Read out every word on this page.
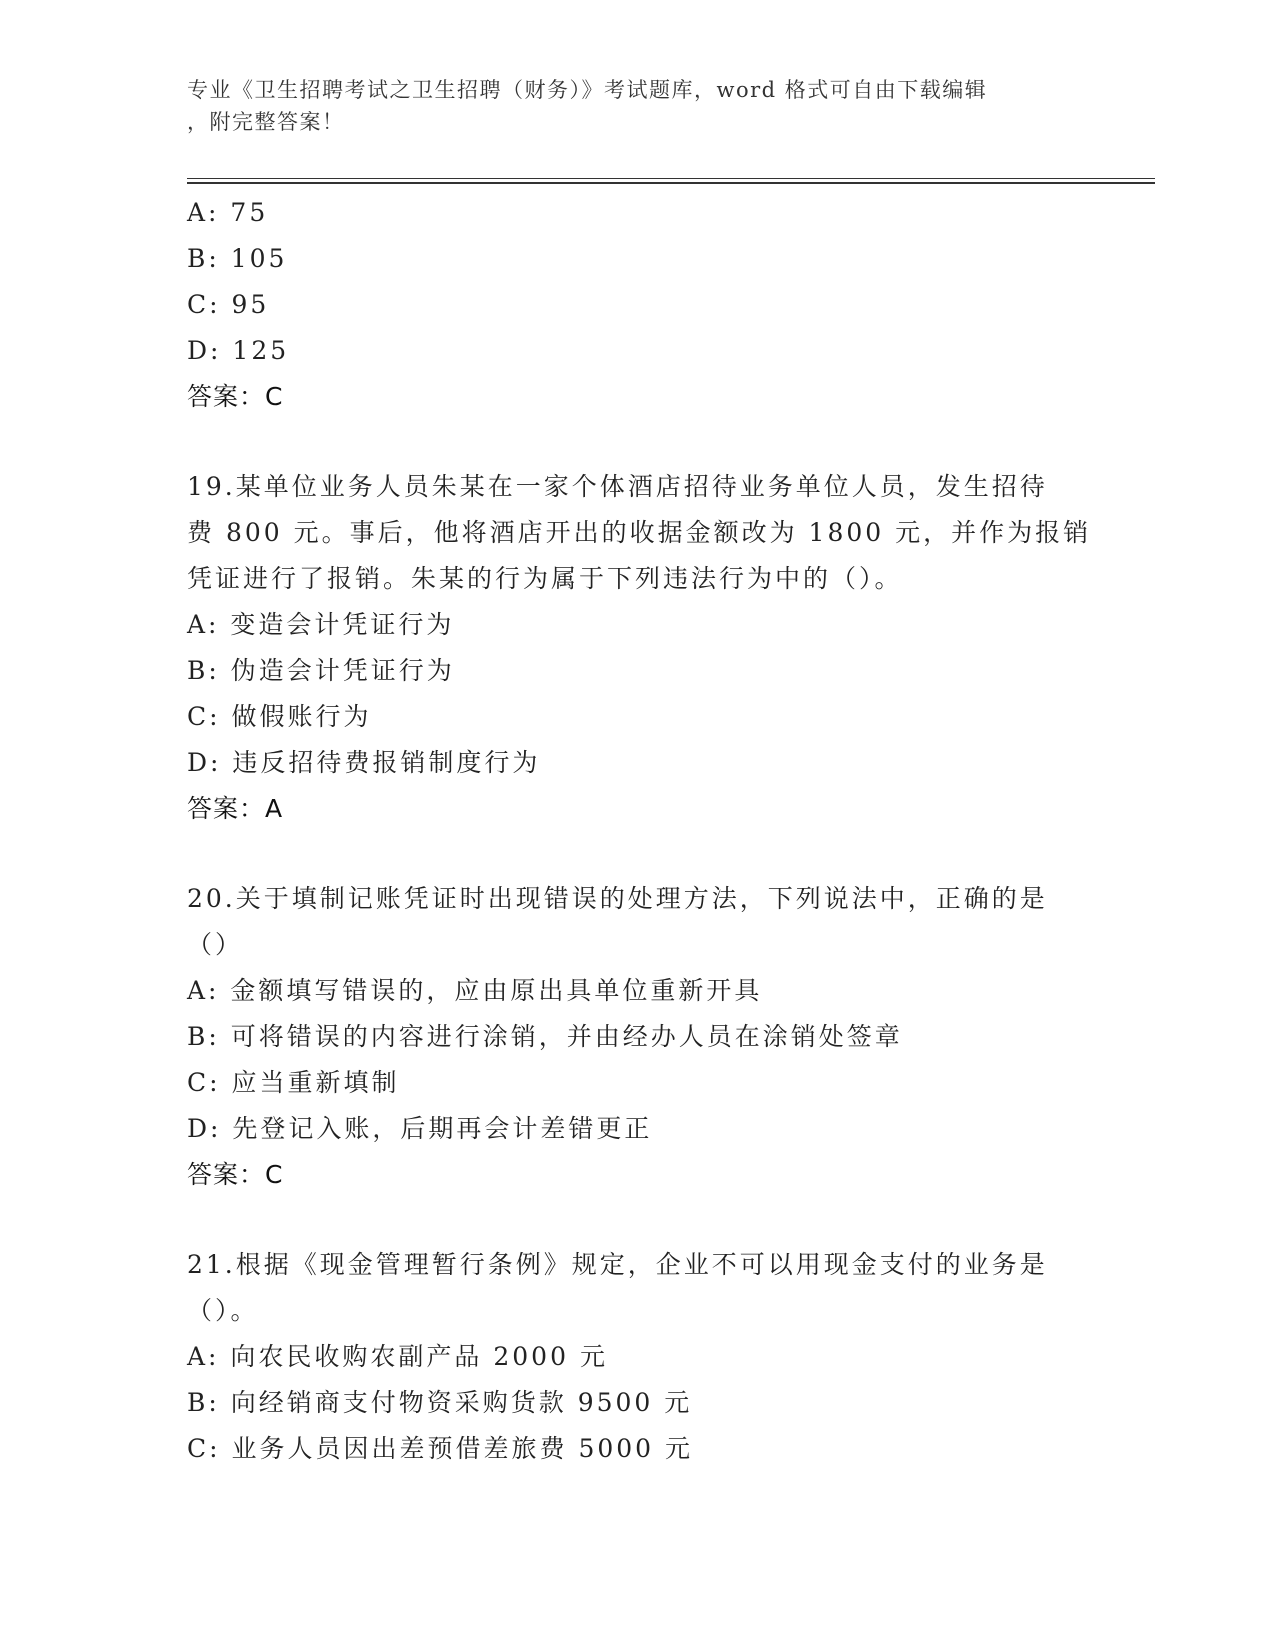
专业《卫生招聘考试之卫生招聘（财务）》考试题库，word 格式可自由下载编辑
，附完整答案！
A: 75
B: 105
C: 95
D: 125
答案：C
19.某单位业务人员朱某在一家个体酒店招待业务单位人员，发生招待
费 800 元。事后，他将酒店开出的收据金额改为 1800 元，并作为报销
凭证进行了报销。朱某的行为属于下列违法行为中的（）。
A: 变造会计凭证行为
B: 伪造会计凭证行为
C: 做假账行为
D: 违反招待费报销制度行为
答案：A
20.关于填制记账凭证时出现错误的处理方法，下列说法中，正确的是
（）
A: 金额填写错误的，应由原出具单位重新开具
B: 可将错误的内容进行涂销，并由经办人员在涂销处签章
C: 应当重新填制
D: 先登记入账，后期再会计差错更正
答案：C
21.根据《现金管理暂行条例》规定，企业不可以用现金支付的业务是
（）。
A: 向农民收购农副产品 2000 元
B: 向经销商支付物资采购货款 9500 元
C: 业务人员因出差预借差旅费 5000 元
